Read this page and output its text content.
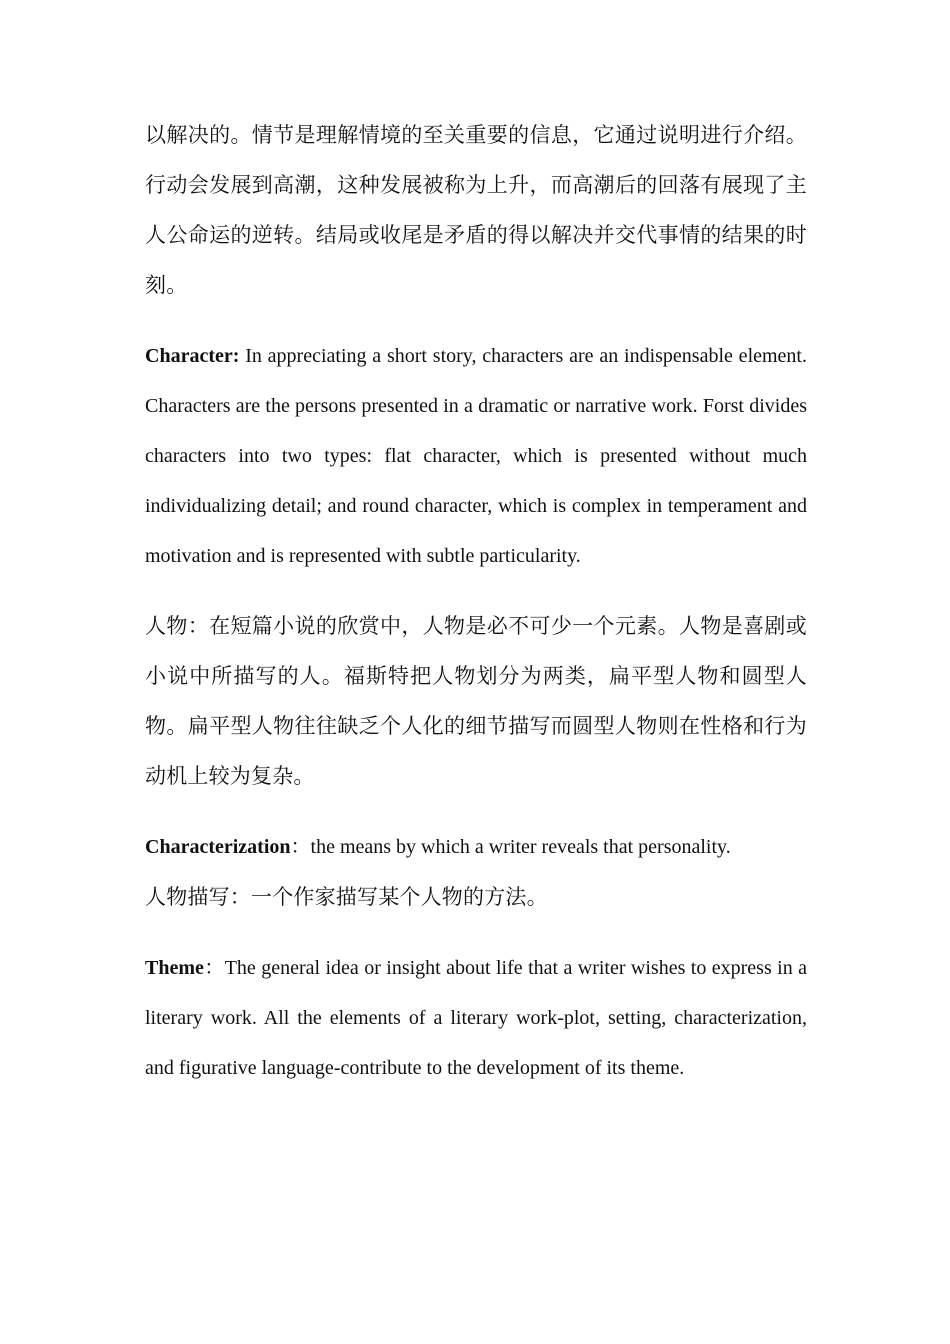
以解决的。情节是理解情境的至关重要的信息，它通过说明进行介绍。行动会发展到高潮，这种发展被称为上升，而高潮后的回落有展现了主人公命运的逆转。结局或收尾是矛盾的得以解决并交代事情的结果的时刻。

Character: In appreciating a short story, characters are an indispensable element. Characters are the persons presented in a dramatic or narrative work. Forst divides characters into two types: flat character, which is presented without much individualizing detail; and round character, which is complex in temperament and motivation and is represented with subtle particularity.

人物：在短篇小说的欣赏中，人物是必不可少一个元素。人物是喜剧或小说中所描写的人。福斯特把人物划分为两类，扁平型人物和圆型人物。扁平型人物往往缺乏个人化的细节描写而圆型人物则在性格和行为动机上较为复杂。

Characterization：the means by which a writer reveals that personality.

人物描写：一个作家描写某个人物的方法。

Theme：The general idea or insight about life that a writer wishes to express in a literary work. All the elements of a literary work-plot, setting, characterization, and figurative language-contribute to the development of its theme.
